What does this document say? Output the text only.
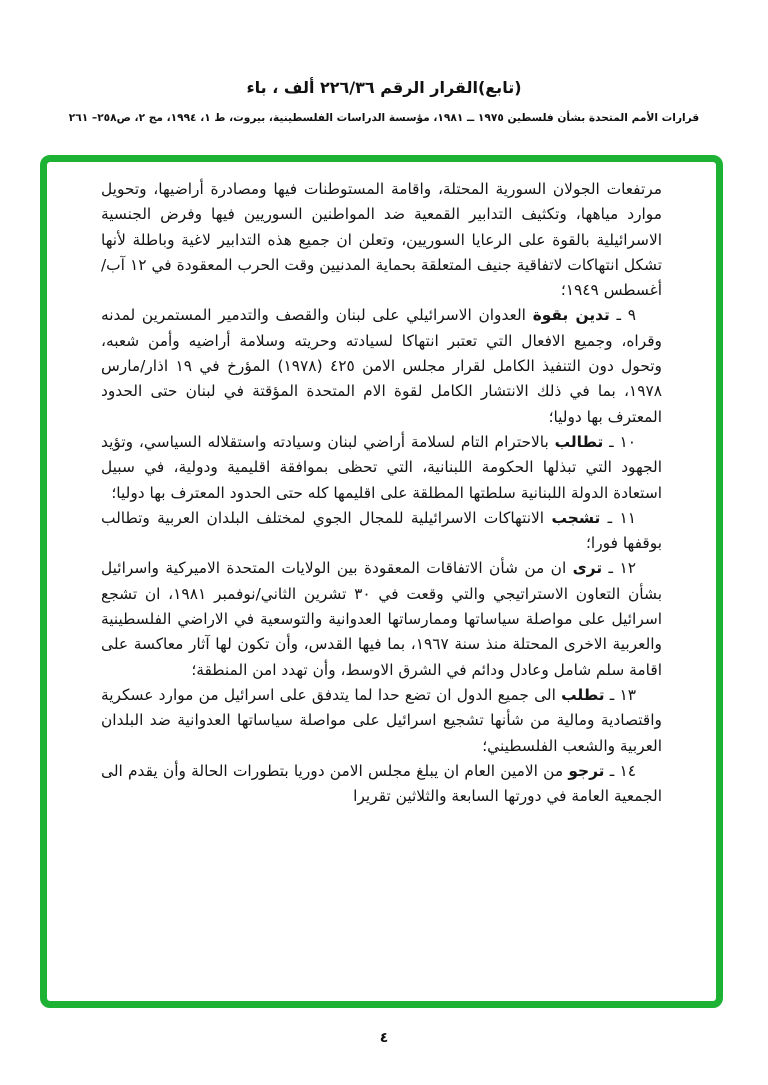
(تابع)القرار الرقم ٢٢٦/٣٦ ألف ، باء
قرارات الأمم المتحدة بشأن فلسطين ١٩٧٥ ــ ١٩٨١، مؤسسة الدراسات الفلسطينية، بيروت، ط ١، ١٩٩٤، مج ٢، ص٢٥٨– ٢٦١

مرتفعات الجولان السورية المحتلة، واقامة المستوطنات فيها ومصادرة أراضيها، وتحويل موارد مياهها، وتكثيف التدابير القمعية ضد المواطنين السوريين فيها وفرض الجنسية الاسرائيلية بالقوة على الرعايا السوريين، وتعلن ان جميع هذه التدابير لاغية وباطلة لأنها تشكل انتهاكات لاتفاقية جنيف المتعلقة بحماية المدنيين وقت الحرب المعقودة في ١٢ آب/أغسطس ١٩٤٩؛

٩ ـ تدين بقوة العدوان الاسرائيلي على لبنان والقصف والتدمير المستمرين لمدنه وقراه، وجميع الافعال التي تعتبر انتهاكا لسيادته وحريته وسلامة أراضيه وأمن شعبه، وتحول دون التنفيذ الكامل لقرار مجلس الامن ٤٢٥ (١٩٧٨) المؤرخ في ١٩ اذار/مارس ١٩٧٨، بما في ذلك الانتشار الكامل لقوة الام المتحدة المؤقتة في لبنان حتى الحدود المعترف بها دوليا؛

١٠ ـ تطالب بالاحترام التام لسلامة أراضي لبنان وسيادته واستقلاله السياسي، وتؤيد الجهود التي تبذلها الحكومة اللبنانية، التي تحظى بموافقة اقليمية ودولية، في سبيل استعادة الدولة اللبنانية سلطتها المطلقة على اقليمها كله حتى الحدود المعترف بها دوليا؛

١١ ـ تشجب الانتهاكات الاسرائيلية للمجال الجوي لمختلف البلدان العربية وتطالب بوقفها فورا؛

١٢ ـ ترى ان من شأن الاتفاقات المعقودة بين الولايات المتحدة الاميركية واسرائيل بشأن التعاون الاستراتيجي والتي وقعت في ٣٠ تشرين الثاني/نوفمبر ١٩٨١، ان تشجع اسرائيل على مواصلة سياساتها وممارساتها العدوانية والتوسعية في الاراضي الفلسطينية والعربية الاخرى المحتلة منذ سنة ١٩٦٧، بما فيها القدس، وأن تكون لها آثار معاكسة على اقامة سلم شامل وعادل ودائم في الشرق الاوسط، وأن تهدد امن المنطقة؛

١٣ ـ تطلب الى جميع الدول ان تضع حدا لما يتدفق على اسرائيل من موارد عسكرية واقتصادية ومالية من شأنها تشجيع اسرائيل على مواصلة سياساتها العدوانية ضد البلدان العربية والشعب الفلسطيني؛

١٤ ـ ترجو من الامين العام ان يبلغ مجلس الامن دوريا بتطورات الحالة وأن يقدم الى الجمعية العامة في دورتها السابعة والثلاثين تقريرا

٤
